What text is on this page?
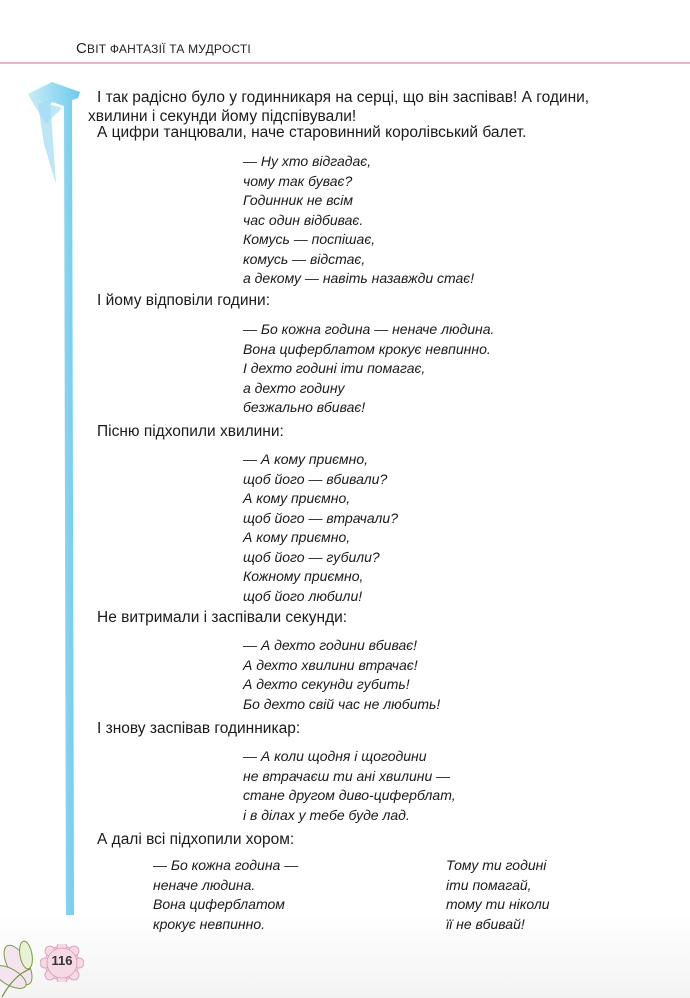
СВІТ ФАНТАЗІЇ ТА МУДРОСТІ
116
І так радісно було у годинникаря на серці, що він заспівав! А години,
хвилини і секунди йому підспівували!
А цифри танцювали, наче старовинний королівський балет.
— Ну хто відгадає,
чому так буває?
Годинник не всім
час один відбиває.
Комусь — поспішає,
комусь — відстає,
а декому — навіть назавжди стає!
І йому відповіли години:
— Бо кожна година — неначе людина.
Вона циферблатом крокує невпинно.
І дехто годині іти помагає,
а дехто годину
безжально вбиває!
Пісню підхопили хвилини:
— А кому приємно,
щоб його — вбивали?
А кому приємно,
щоб його — втрачали?
А кому приємно,
щоб його — губили?
Кожному приємно,
щоб його любили!
Не витримали і заспівали секунди:
— А дехто години вбиває!
А дехто хвилини втрачає!
А дехто секунди губить!
Бо дехто свій час не любить!
І знову заспівав годинникар:
— А коли щодня і щогодини
не втрачаєш ти ані хвилини —
стане другом диво-циферблат,
і в ділах у тебе буде лад.
А далі всі підхопили хором:
— Бо кожна година —
неначе людина.
Вона циферблатом
крокує невпинно.
Тому ти годині
іти помагай,
тому ти ніколи
її не вбивай!
